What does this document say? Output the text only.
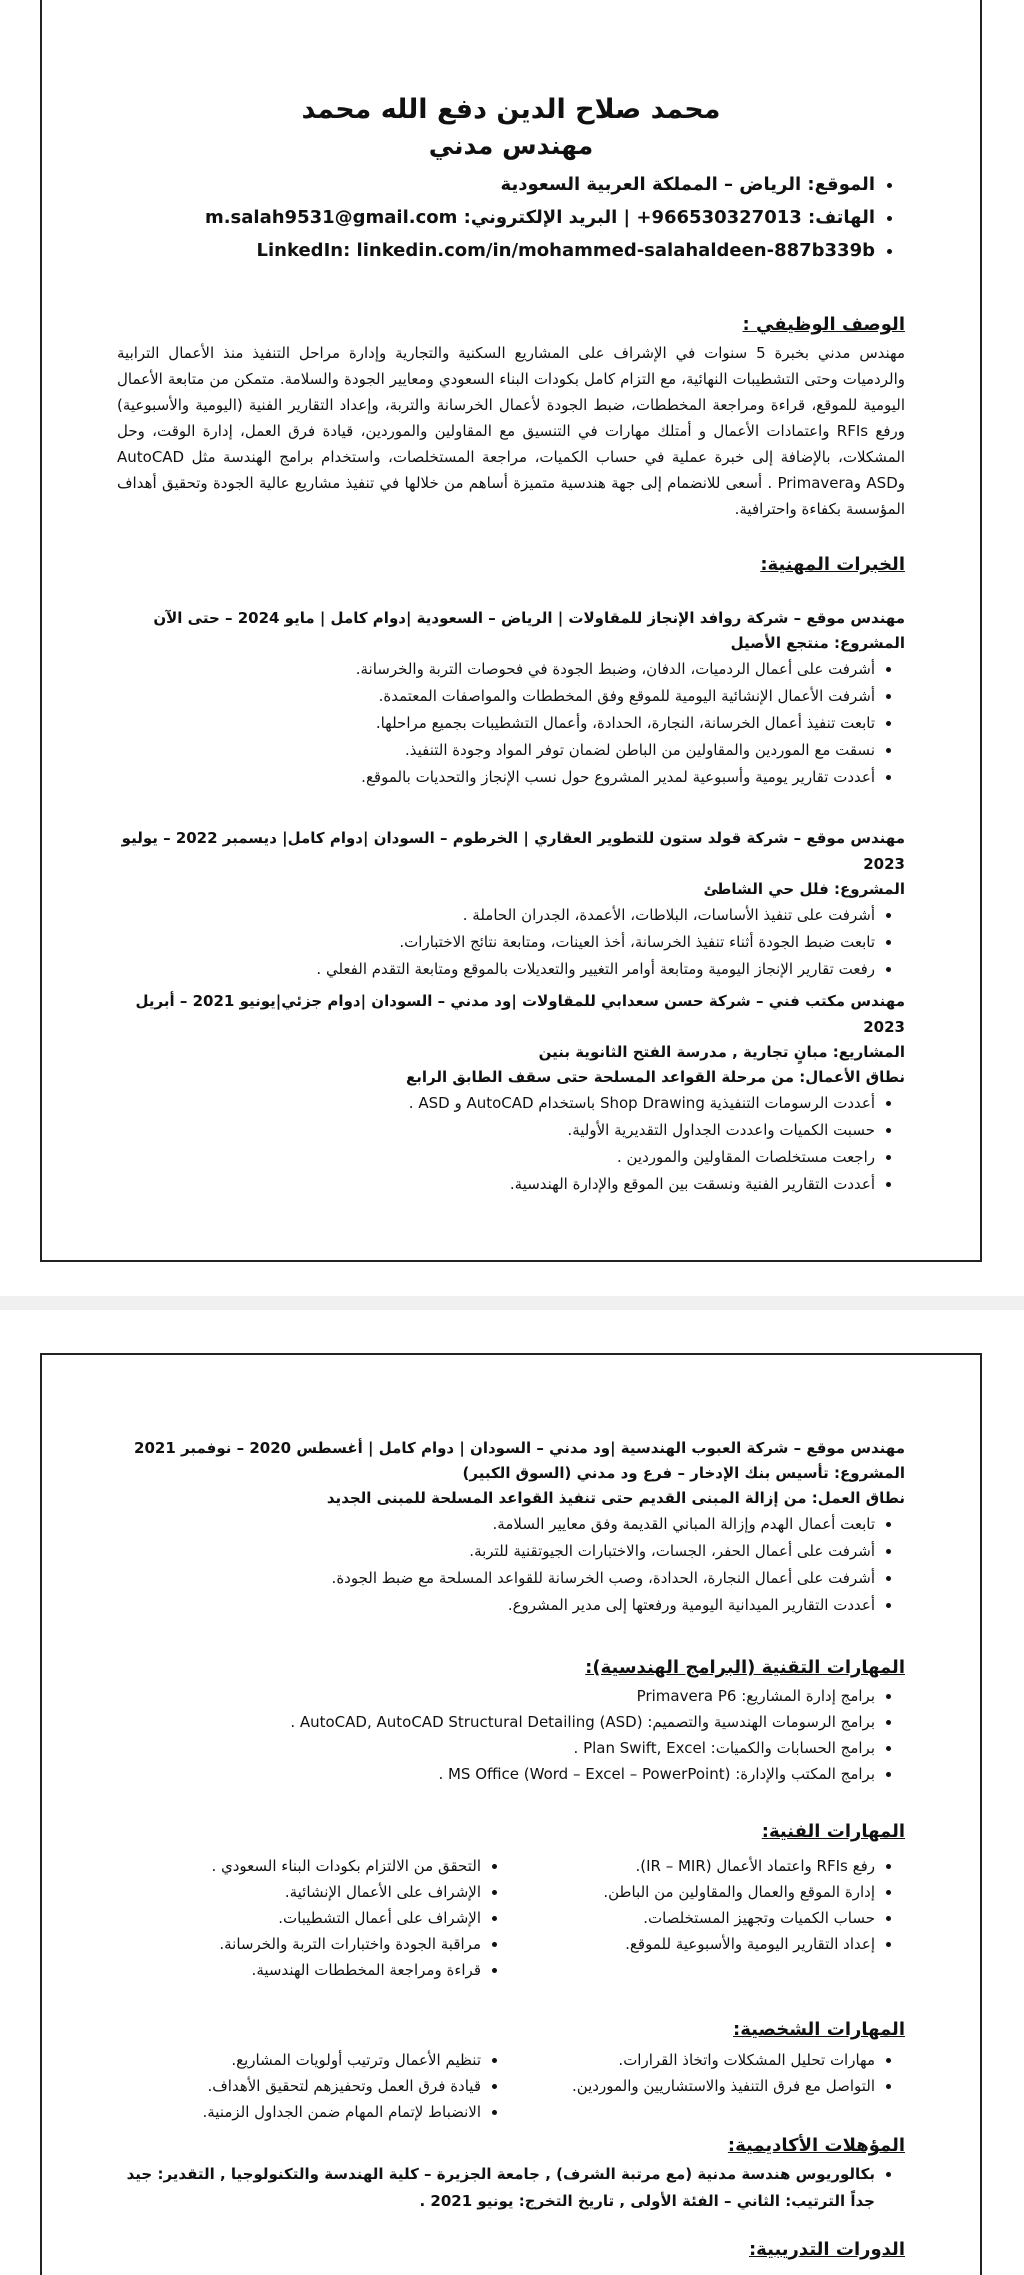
محمد صلاح الدين دفع الله محمد
مهندس مدني
• الموقع: الرياض – المملكة العربية السعودية
• الهاتف: 966530327013+ | البريد الإلكتروني: m.salah9531@gmail.com
• LinkedIn: linkedin.com/in/mohammed-salahaldeen-887b339b
الوصف الوظيفي :

مهندس مدني بخبرة 5 سنوات في الإشراف على المشاريع السكنية والتجارية وإدارة مراحل التنفيذ منذ الأعمال الترابية والردميات وحتى التشطيبات النهائية، مع التزام كامل بكودات البناء السعودي ومعايير الجودة والسلامة. متمكن من متابعة الأعمال اليومية للموقع، قراءة ومراجعة المخططات، ضبط الجودة لأعمال الخرسانة والتربة، وإعداد التقارير الفنية (اليومية والأسبوعية) ورفع RFIs واعتمادات الأعمال و أمتلك مهارات في التنسيق مع المقاولين والموردين، قيادة فرق العمل، إدارة الوقت، وحل المشكلات، بالإضافة إلى خبرة عملية في حساب الكميات، مراجعة المستخلصات، واستخدام برامج الهندسة مثل AutoCAD وASD وPrimavera . أسعى للانضمام إلى جهة هندسية متميزة أساهم من خلالها في تنفيذ مشاريع عالية الجودة وتحقيق أهداف المؤسسة بكفاءة واحترافية.

الخبرات المهنية:

مهندس موقع – شركة روافد الإنجاز للمقاولات | الرياض – السعودية |دوام كامل | مايو 2024 – حتى الآن

المشروع: منتجع الأصيل

• أشرفت على أعمال الردميات، الدفان، وضبط الجودة في فحوصات التربة والخرسانة.
• أشرفت الأعمال الإنشائية اليومية للموقع وفق المخططات والمواصفات المعتمدة.
• تابعت تنفيذ أعمال الخرسانة، النجارة، الحدادة، وأعمال التشطيبات بجميع مراحلها.
• نسقت مع الموردين والمقاولين من الباطن لضمان توفر المواد وجودة التنفيذ.
• أعددت تقارير يومية وأسبوعية لمدير المشروع حول نسب الإنجاز والتحديات بالموقع.

مهندس موقع – شركة قولد ستون للتطوير العقاري | الخرطوم – السودان |دوام كامل| ديسمبر 2022 – يوليو 2023

المشروع: فلل حي الشاطئ

• أشرفت على تنفيذ الأساسات، البلاطات، الأعمدة، الجدران الحاملة .
• تابعت ضبط الجودة أثناء تنفيذ الخرسانة، أخذ العينات، ومتابعة نتائج الاختبارات.
• رفعت تقارير الإنجاز اليومية ومتابعة أوامر التغيير والتعديلات بالموقع ومتابعة التقدم الفعلي .

مهندس مكتب فني – شركة حسن سعدابي للمقاولات |ود مدني – السودان |دوام جزئي|يونيو 2021 – أبريل 2023

المشاريع: مبانٍ تجارية , مدرسة الفتح الثانوية بنين

نطاق الأعمال: من مرحلة القواعد المسلحة حتى سقف الطابق الرابع

• أعددت الرسومات التنفيذية Shop Drawing باستخدام AutoCAD و ASD .
• حسبت الكميات واعددت الجداول التقديرية الأولية.
• راجعت مستخلصات المقاولين والموردين .
• أعددت التقارير الفنية ونسقت بين الموقع والإدارة الهندسية.

مهندس موقع – شركة العبوب الهندسية |ود مدني – السودان | دوام كامل | أغسطس 2020 – نوفمبر 2021

المشروع: تأسيس بنك الإدخار – فرع ود مدني (السوق الكبير)

نطاق العمل: من إزالة المبنى القديم حتى تنفيذ القواعد المسلحة للمبنى الجديد

• تابعت أعمال الهدم وإزالة المباني القديمة وفق معايير السلامة.
• أشرفت على أعمال الحفر، الجسات، والاختبارات الجيوتقنية للتربة.
• أشرفت على أعمال النجارة، الحدادة، وصب الخرسانة للقواعد المسلحة مع ضبط الجودة.
• أعددت التقارير الميدانية اليومية ورفعتها إلى مدير المشروع.
المهارات التقنية (البرامج الهندسية):
• برامج إدارة المشاريع: Primavera P6
• برامج الرسومات الهندسية والتصميم: AutoCAD, AutoCAD Structural Detailing (ASD) .
• برامج الحسابات والكميات: Plan Swift, Excel .
• برامج المكتب والإدارة: MS Office (Word – Excel – PowerPoint) .
المهارات الفنية:
• رفع RFIs واعتماد الأعمال (IR – MIR).
• إدارة الموقع والعمال والمقاولين من الباطن.
• حساب الكميات وتجهيز المستخلصات.
• إعداد التقارير اليومية والأسبوعية للموقع.
• التحقق من الالتزام بكودات البناء السعودي .
• الإشراف على الأعمال الإنشائية.
• الإشراف على أعمال التشطيبات.
• مراقبة الجودة واختبارات التربة والخرسانة.
• قراءة ومراجعة المخططات الهندسية.
المهارات الشخصية:
• مهارات تحليل المشكلات واتخاذ القرارات.
• التواصل مع فرق التنفيذ والاستشاريين والموردين.
• تنظيم الأعمال وترتيب أولويات المشاريع.
• قيادة فرق العمل وتحفيزهم لتحقيق الأهداف.
• الانضباط لإتمام المهام ضمن الجداول الزمنية.
المؤهلات الأكاديمية:
• بكالوريوس هندسة مدنية (مع مرتبة الشرف) , جامعة الجزيرة – كلية الهندسة والتكنولوجيا , التقدير: جيد جداً الترتيب: الثاني – الفئة الأولى , تاريخ التخرج: يونيو 2021 .
الدورات التدريبية:
